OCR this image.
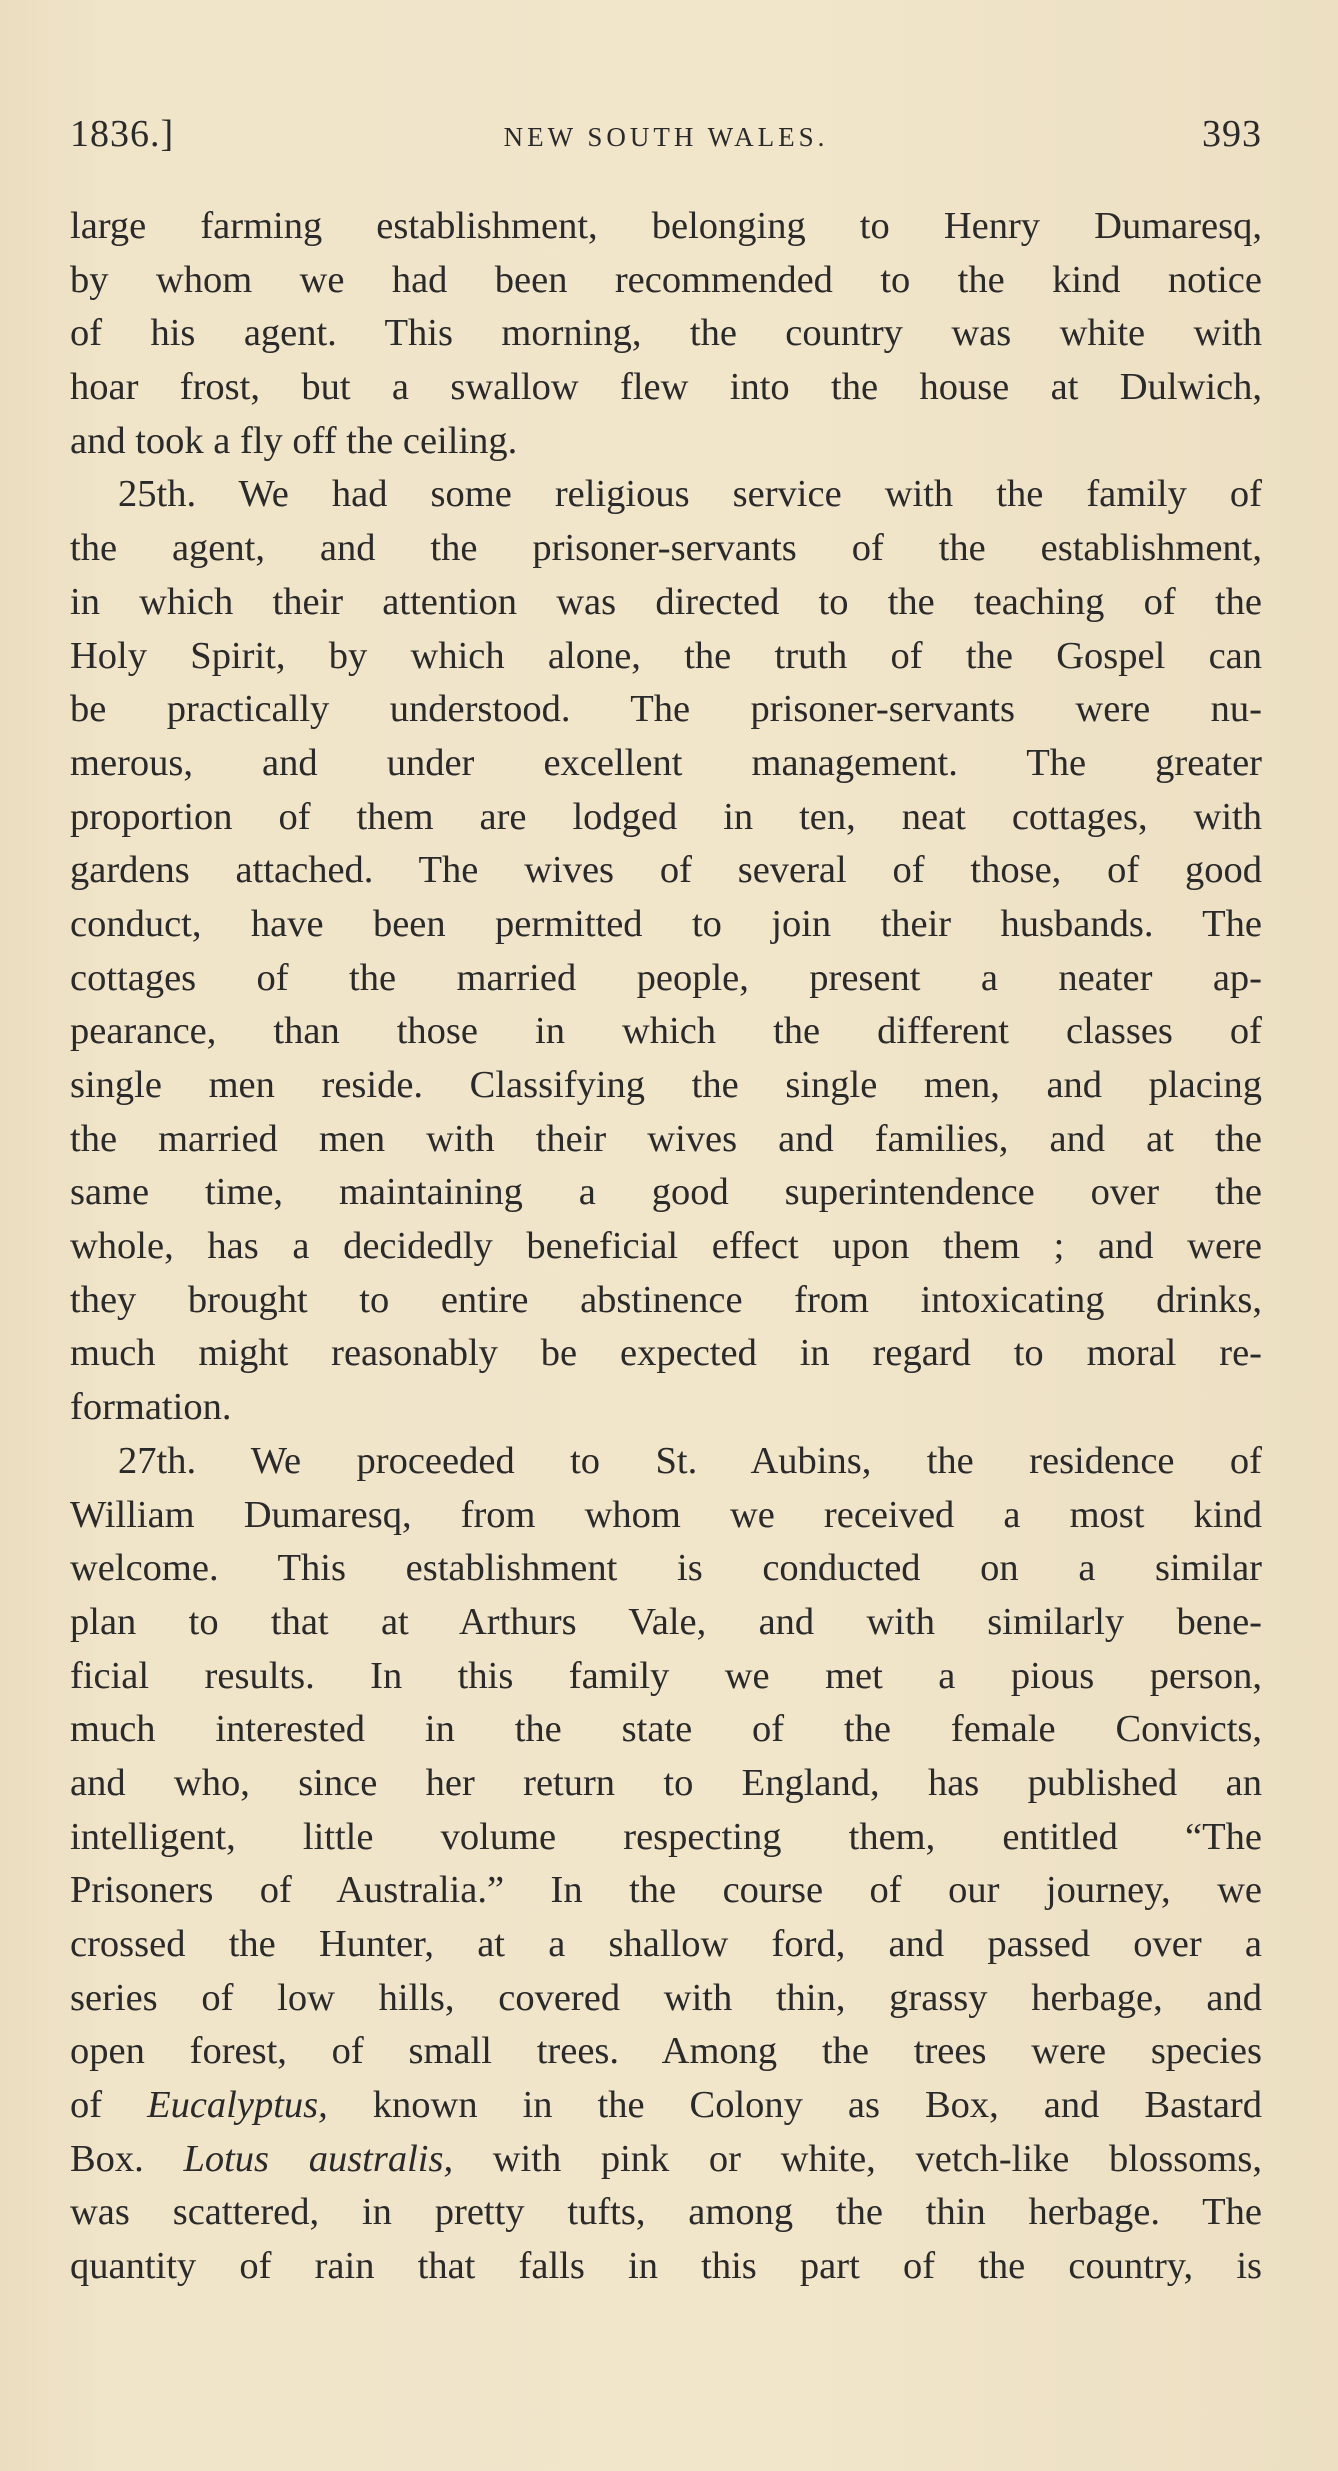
1836.]	NEW SOUTH WALES.	393
large farming establishment, belonging to Henry Dumaresq,
by whom we had been recommended to the kind notice
of his agent. This morning, the country was white with
hoar frost, but a swallow flew into the house at Dulwich,
and took a fly off the ceiling.
25th. We had some religious service with the family of
the agent, and the prisoner-servants of the establishment,
in which their attention was directed to the teaching of the
Holy Spirit, by which alone, the truth of the Gospel can
be practically understood. The prisoner-servants were nu-
merous, and under excellent management. The greater
proportion of them are lodged in ten, neat cottages, with
gardens attached. The wives of several of those, of good
conduct, have been permitted to join their husbands. The
cottages of the married people, present a neater ap-
pearance, than those in which the different classes of
single men reside. Classifying the single men, and placing
the married men with their wives and families, and at the
same time, maintaining a good superintendence over the
whole, has a decidedly beneficial effect upon them ; and were
they brought to entire abstinence from intoxicating drinks,
much might reasonably be expected in regard to moral re-
formation.
27th. We proceeded to St. Aubins, the residence of
William Dumaresq, from whom we received a most kind
welcome. This establishment is conducted on a similar
plan to that at Arthurs Vale, and with similarly bene-
ficial results. In this family we met a pious person,
much interested in the state of the female Convicts,
and who, since her return to England, has published an
intelligent, little volume respecting them, entitled “The
Prisoners of Australia.” In the course of our journey, we
crossed the Hunter, at a shallow ford, and passed over a
series of low hills, covered with thin, grassy herbage, and
open forest, of small trees. Among the trees were species
of Eucalyptus, known in the Colony as Box, and Bastard
Box. Lotus australis, with pink or white, vetch-like blossoms,
was scattered, in pretty tufts, among the thin herbage. The
quantity of rain that falls in this part of the country, is
